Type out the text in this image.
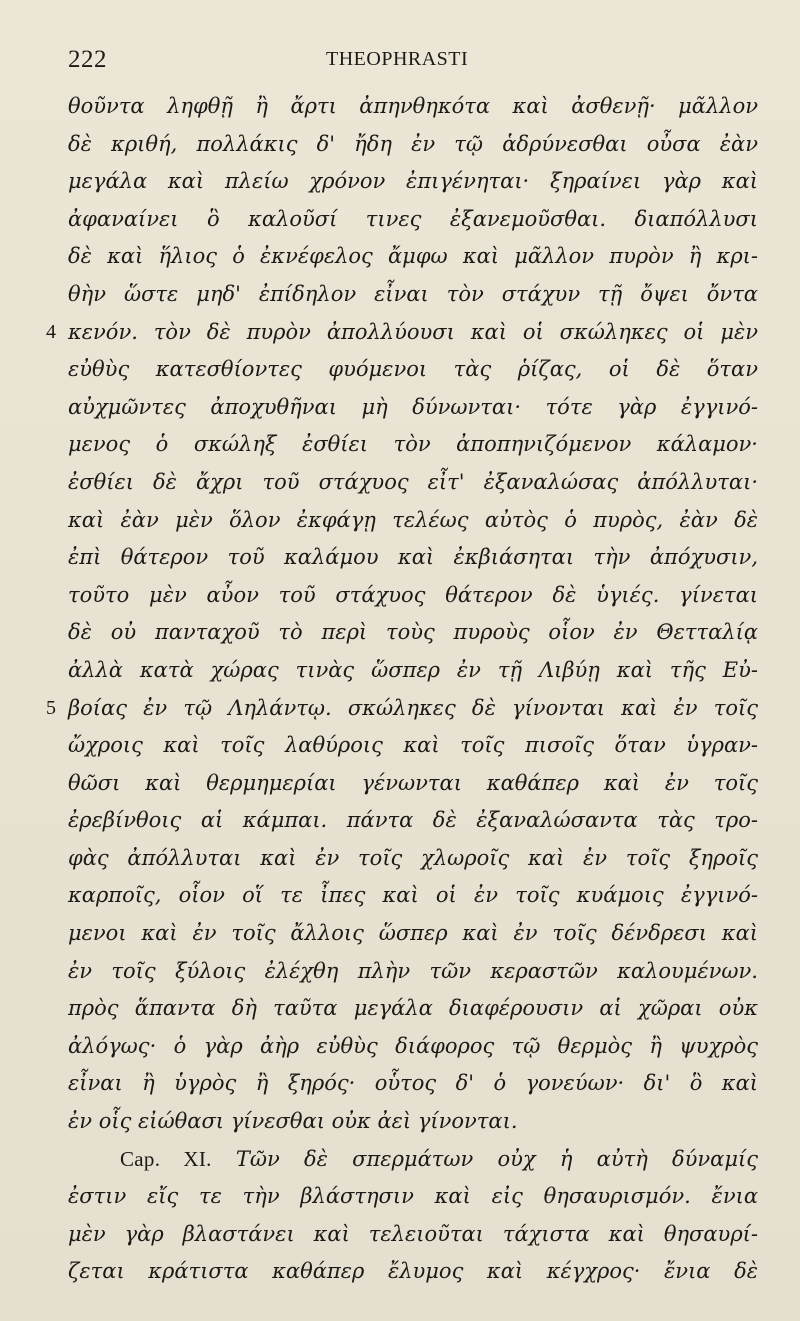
222	THEOPHRASTI
θοῦντα ληφθῇ ἢ ἄρτι ἀπηνθηκότα καὶ ἀσθενῇ· μᾶλλον
δὲ κριθή, πολλάκις δ' ἤδη ἐν τῷ ἁδρύνεσθαι οὖσα ἐὰν
μεγάλα καὶ πλείω χρόνον ἐπιγένηται· ξηραίνει γὰρ καὶ
ἀφαναίνει ὃ καλοῦσί τινες ἐξανεμοῦσθαι. διαπόλλυσι
δὲ καὶ ἥλιος ὁ ἐκνέφελος ἄμφω καὶ μᾶλλον πυρὸν ἢ κρι-
θὴν ὥστε μηδ' ἐπίδηλον εἶναι τὸν στάχυν τῇ ὄψει ὄντα
4 κενόν. τὸν δὲ πυρὸν ἀπολλύουσι καὶ οἱ σκώληκες οἱ μὲν
εὐθὺς κατεσθίοντες φυόμενοι τὰς ῥίζας, οἱ δὲ ὅταν
αὐχμῶντες ἀποχυθῆναι μὴ δύνωνται· τότε γὰρ ἐγγινό-
μενος ὁ σκώληξ ἐσθίει τὸν ἀποπηνιζόμενον κάλαμον·
ἐσθίει δὲ ἄχρι τοῦ στάχυος εἶτ' ἐξαναλώσας ἀπόλλυται·
καὶ ἐὰν μὲν ὅλον ἐκφάγῃ τελέως αὐτὸς ὁ πυρὸς, ἐὰν δὲ
ἐπὶ θάτερον τοῦ καλάμου καὶ ἐκβιάσηται τὴν ἀπόχυσιν,
τοῦτο μὲν αὖον τοῦ στάχυος θάτερον δὲ ὑγιές. γίνεται
δὲ οὐ πανταχοῦ τὸ περὶ τοὺς πυροὺς οἷον ἐν Θετταλίᾳ
ἀλλὰ κατὰ χώρας τινὰς ὥσπερ ἐν τῇ Λιβύῃ καὶ τῆς Εὐ-
5 βοίας ἐν τῷ Ληλάντῳ. σκώληκες δὲ γίνονται καὶ ἐν τοῖς
ὤχροις καὶ τοῖς λαθύροις καὶ τοῖς πισοῖς ὅταν ὑγραν-
θῶσι καὶ θερμημερίαι γένωνται καθάπερ καὶ ἐν τοῖς
ἐρεβίνθοις αἱ κάμπαι. πάντα δὲ ἐξαναλώσαντα τὰς τρο-
φὰς ἀπόλλυται καὶ ἐν τοῖς χλωροῖς καὶ ἐν τοῖς ξηροῖς
καρποῖς, οἷον οἵ τε ἶπες καὶ οἱ ἐν τοῖς κυάμοις ἐγγινό-
μενοι καὶ ἐν τοῖς ἄλλοις ὥσπερ καὶ ἐν τοῖς δένδρεσι καὶ
ἐν τοῖς ξύλοις ἐλέχθη πλὴν τῶν κεραστῶν καλουμένων.
πρὸς ἅπαντα δὴ ταῦτα μεγάλα διαφέρουσιν αἱ χῶραι οὐκ
ἀλόγως· ὁ γὰρ ἀὴρ εὐθὺς διάφορος τῷ θερμὸς ἢ ψυχρὸς
εἶναι ἢ ὑγρὸς ἢ ξηρός· οὗτος δ' ὁ γονεύων· δι' ὃ καὶ
ἐν οἷς εἰώθασι γίνεσθαι οὐκ ἀεὶ γίνονται.
Cap. XI. Τῶν δὲ σπερμάτων οὐχ ἡ αὐτὴ δύναμίς
ἐστιν εἴς τε τὴν βλάστησιν καὶ εἰς θησαυρισμόν. ἔνια
μὲν γὰρ βλαστάνει καὶ τελειοῦται τάχιστα καὶ θησαυρί-
ζεται κράτιστα καθάπερ ἔλυμος καὶ κέγχρος· ἔνια δὲ
